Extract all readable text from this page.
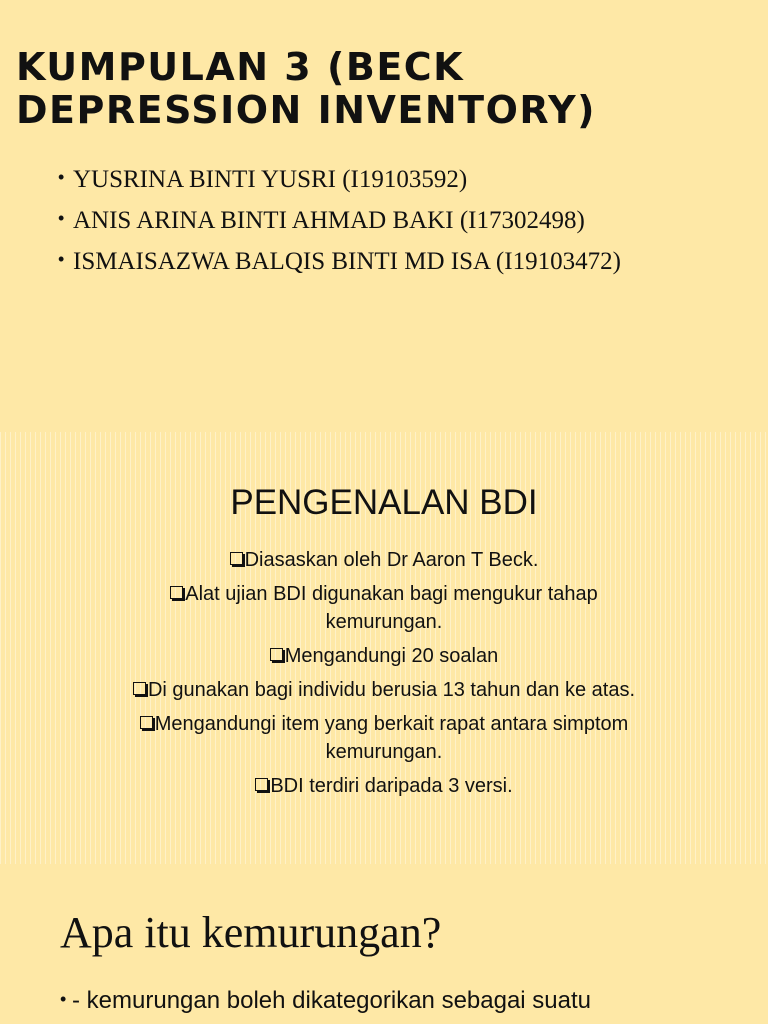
KUMPULAN 3 (BECK DEPRESSION INVENTORY)
• YUSRINA BINTI YUSRI (I19103592)
• ANIS ARINA BINTI AHMAD BAKI (I17302498)
• ISMAISAZWA BALQIS BINTI MD ISA (I19103472)
PENGENALAN BDI
Diasaskan oleh Dr Aaron T Beck.
Alat ujian BDI digunakan bagi mengukur tahap kemurungan.
Mengandungi 20 soalan
Di gunakan bagi individu berusia 13 tahun dan ke atas.
Mengandungi item yang berkait rapat antara simptom kemurungan.
BDI terdiri daripada 3 versi.
Apa itu kemurungan?
• - kemurungan boleh dikategorikan sebagai suatu
